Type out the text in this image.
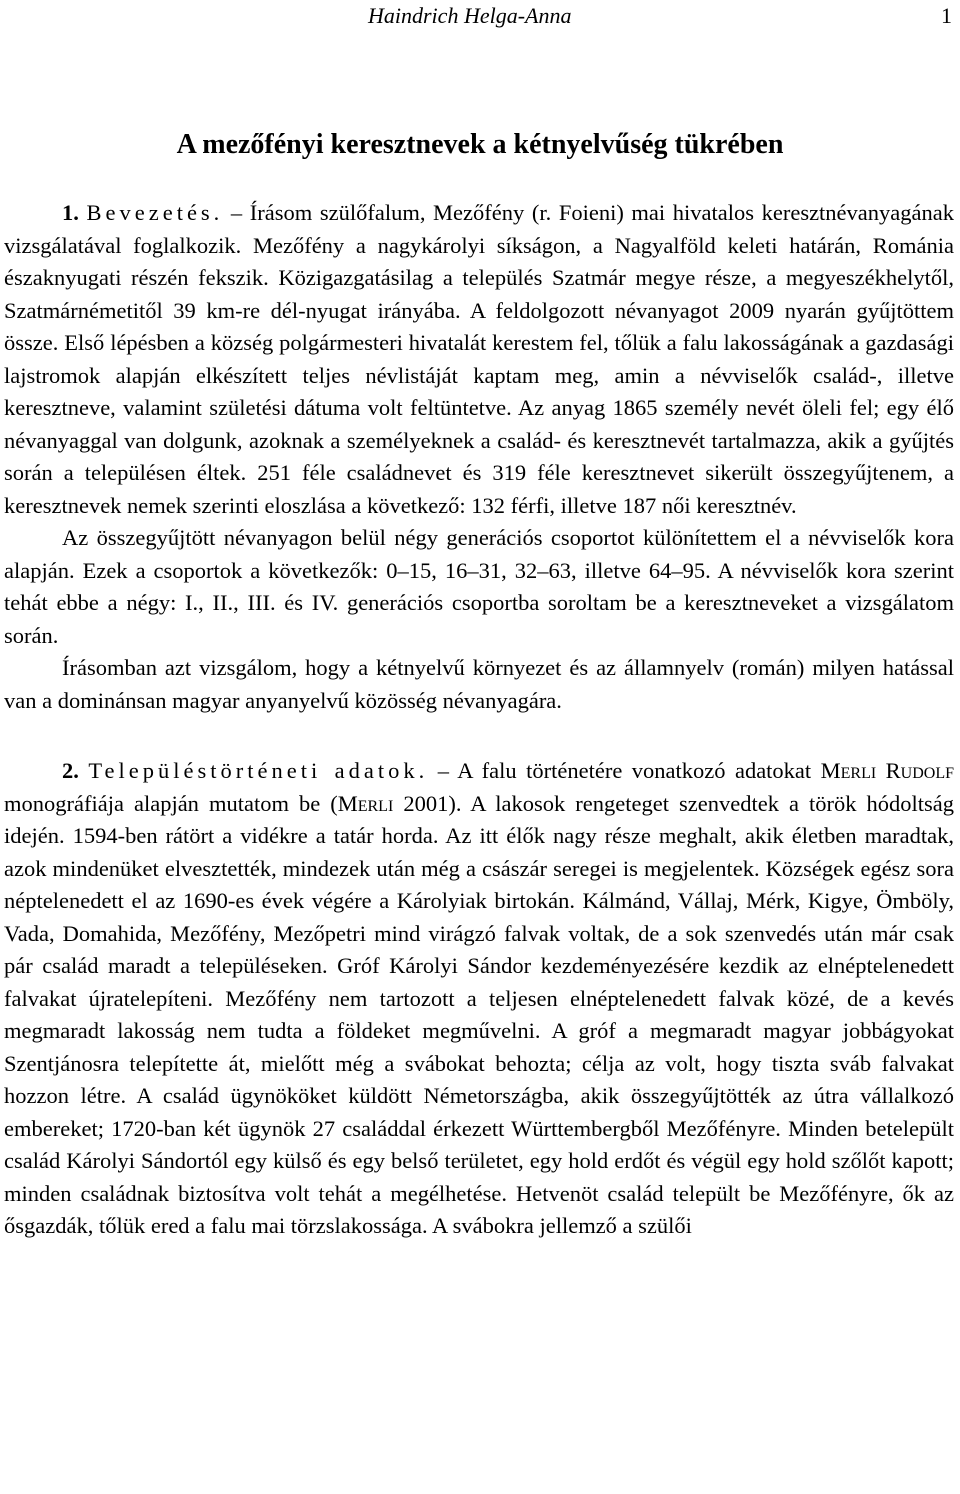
Haindrich Helga-Anna	1
A mezőfényi keresztnevek a kétnyelvűség tükrében

1. Bevezetés. – Írásom szülőfalum, Mezőfény (r. Foieni) mai hivatalos keresztnévanyagának vizsgálatával foglalkozik. Mezőfény a nagykárolyi síkságon, a Nagyalföld keleti határán, Románia északnyugati részén fekszik. Közigazgatásilag a település Szatmár megye része, a megyeszékhelytől, Szatmárnémetitől 39 km-re dél-nyugat irányába. A feldolgozott névanyagot 2009 nyarán gyűjtöttem össze. Első lépésben a község polgármesteri hivatalát kerestem fel, tőlük a falu lakosságának a gazdasági lajstromok alapján elkészített teljes névlistáját kaptam meg, amin a névviselők család-, illetve keresztneve, valamint születési dátuma volt feltüntetve. Az anyag 1865 személy nevét öleli fel; egy élő névanyaggal van dolgunk, azoknak a személyeknek a család- és keresztnevét tartalmazza, akik a gyűjtés során a településen éltek. 251 féle családnevet és 319 féle keresztnevet sikerült összegyűjtenem, a keresztnevek nemek szerinti eloszlása a következő: 132 férfi, illetve 187 női keresztnév.

Az összegyűjtött névanyagon belül négy generációs csoportot különítettem el a névviselők kora alapján. Ezek a csoportok a következők: 0–15, 16–31, 32–63, illetve 64–95. A névviselők kora szerint tehát ebbe a négy: I., II., III. és IV. generációs csoportba soroltam be a keresztneveket a vizsgálatom során.

Írásomban azt vizsgálom, hogy a kétnyelvű környezet és az államnyelv (román) milyen hatással van a dominánsan magyar anyanyelvű közösség névanyagára.

2. Településtörténeti adatok. – A falu történetére vonatkozó adatokat Merli Rudolf monográfiája alapján mutatom be (Merli 2001). A lakosok rengeteget szenvedtek a török hódoltság idején. 1594-ben rátört a vidékre a tatár horda. Az itt élők nagy része meghalt, akik életben maradtak, azok mindenüket elvesztették, mindezek után még a császár seregei is megjelentek. Községek egész sora néptelenedett el az 1690-es évek végére a Károlyiak birtokán. Kálmánd, Vállaj, Mérk, Kigye, Ömböly, Vada, Domahida, Mezőfény, Mezőpetri mind virágzó falvak voltak, de a sok szenvedés után már csak pár család maradt a településeken. Gróf Károlyi Sándor kezdeményezésére kezdik az elnéptelenedett falvakat újratelepíteni. Mezőfény nem tartozott a teljesen elnéptelenedett falvak közé, de a kevés megmaradt lakosság nem tudta a földeket megművelni. A gróf a megmaradt magyar jobbágyokat Szentjánosra telepítette át, mielőtt még a svábokat behozta; célja az volt, hogy tiszta sváb falvakat hozzon létre. A család ügynököket küldött Németországba, akik összegyűjtötték az útra vállalkozó embereket; 1720-ban két ügynök 27 családdal érkezett Württembergből Mezőfényre. Minden betelepült család Károlyi Sándortól egy külső és egy belső területet, egy hold erdőt és végül egy hold szőlőt kapott; minden családnak biztosítva volt tehát a megélhetése. Hetvenöt család települt be Mezőfényre, ők az ősgazdák, tőlük ered a falu mai törzslakossága. A svábokra jellemző a szülői
